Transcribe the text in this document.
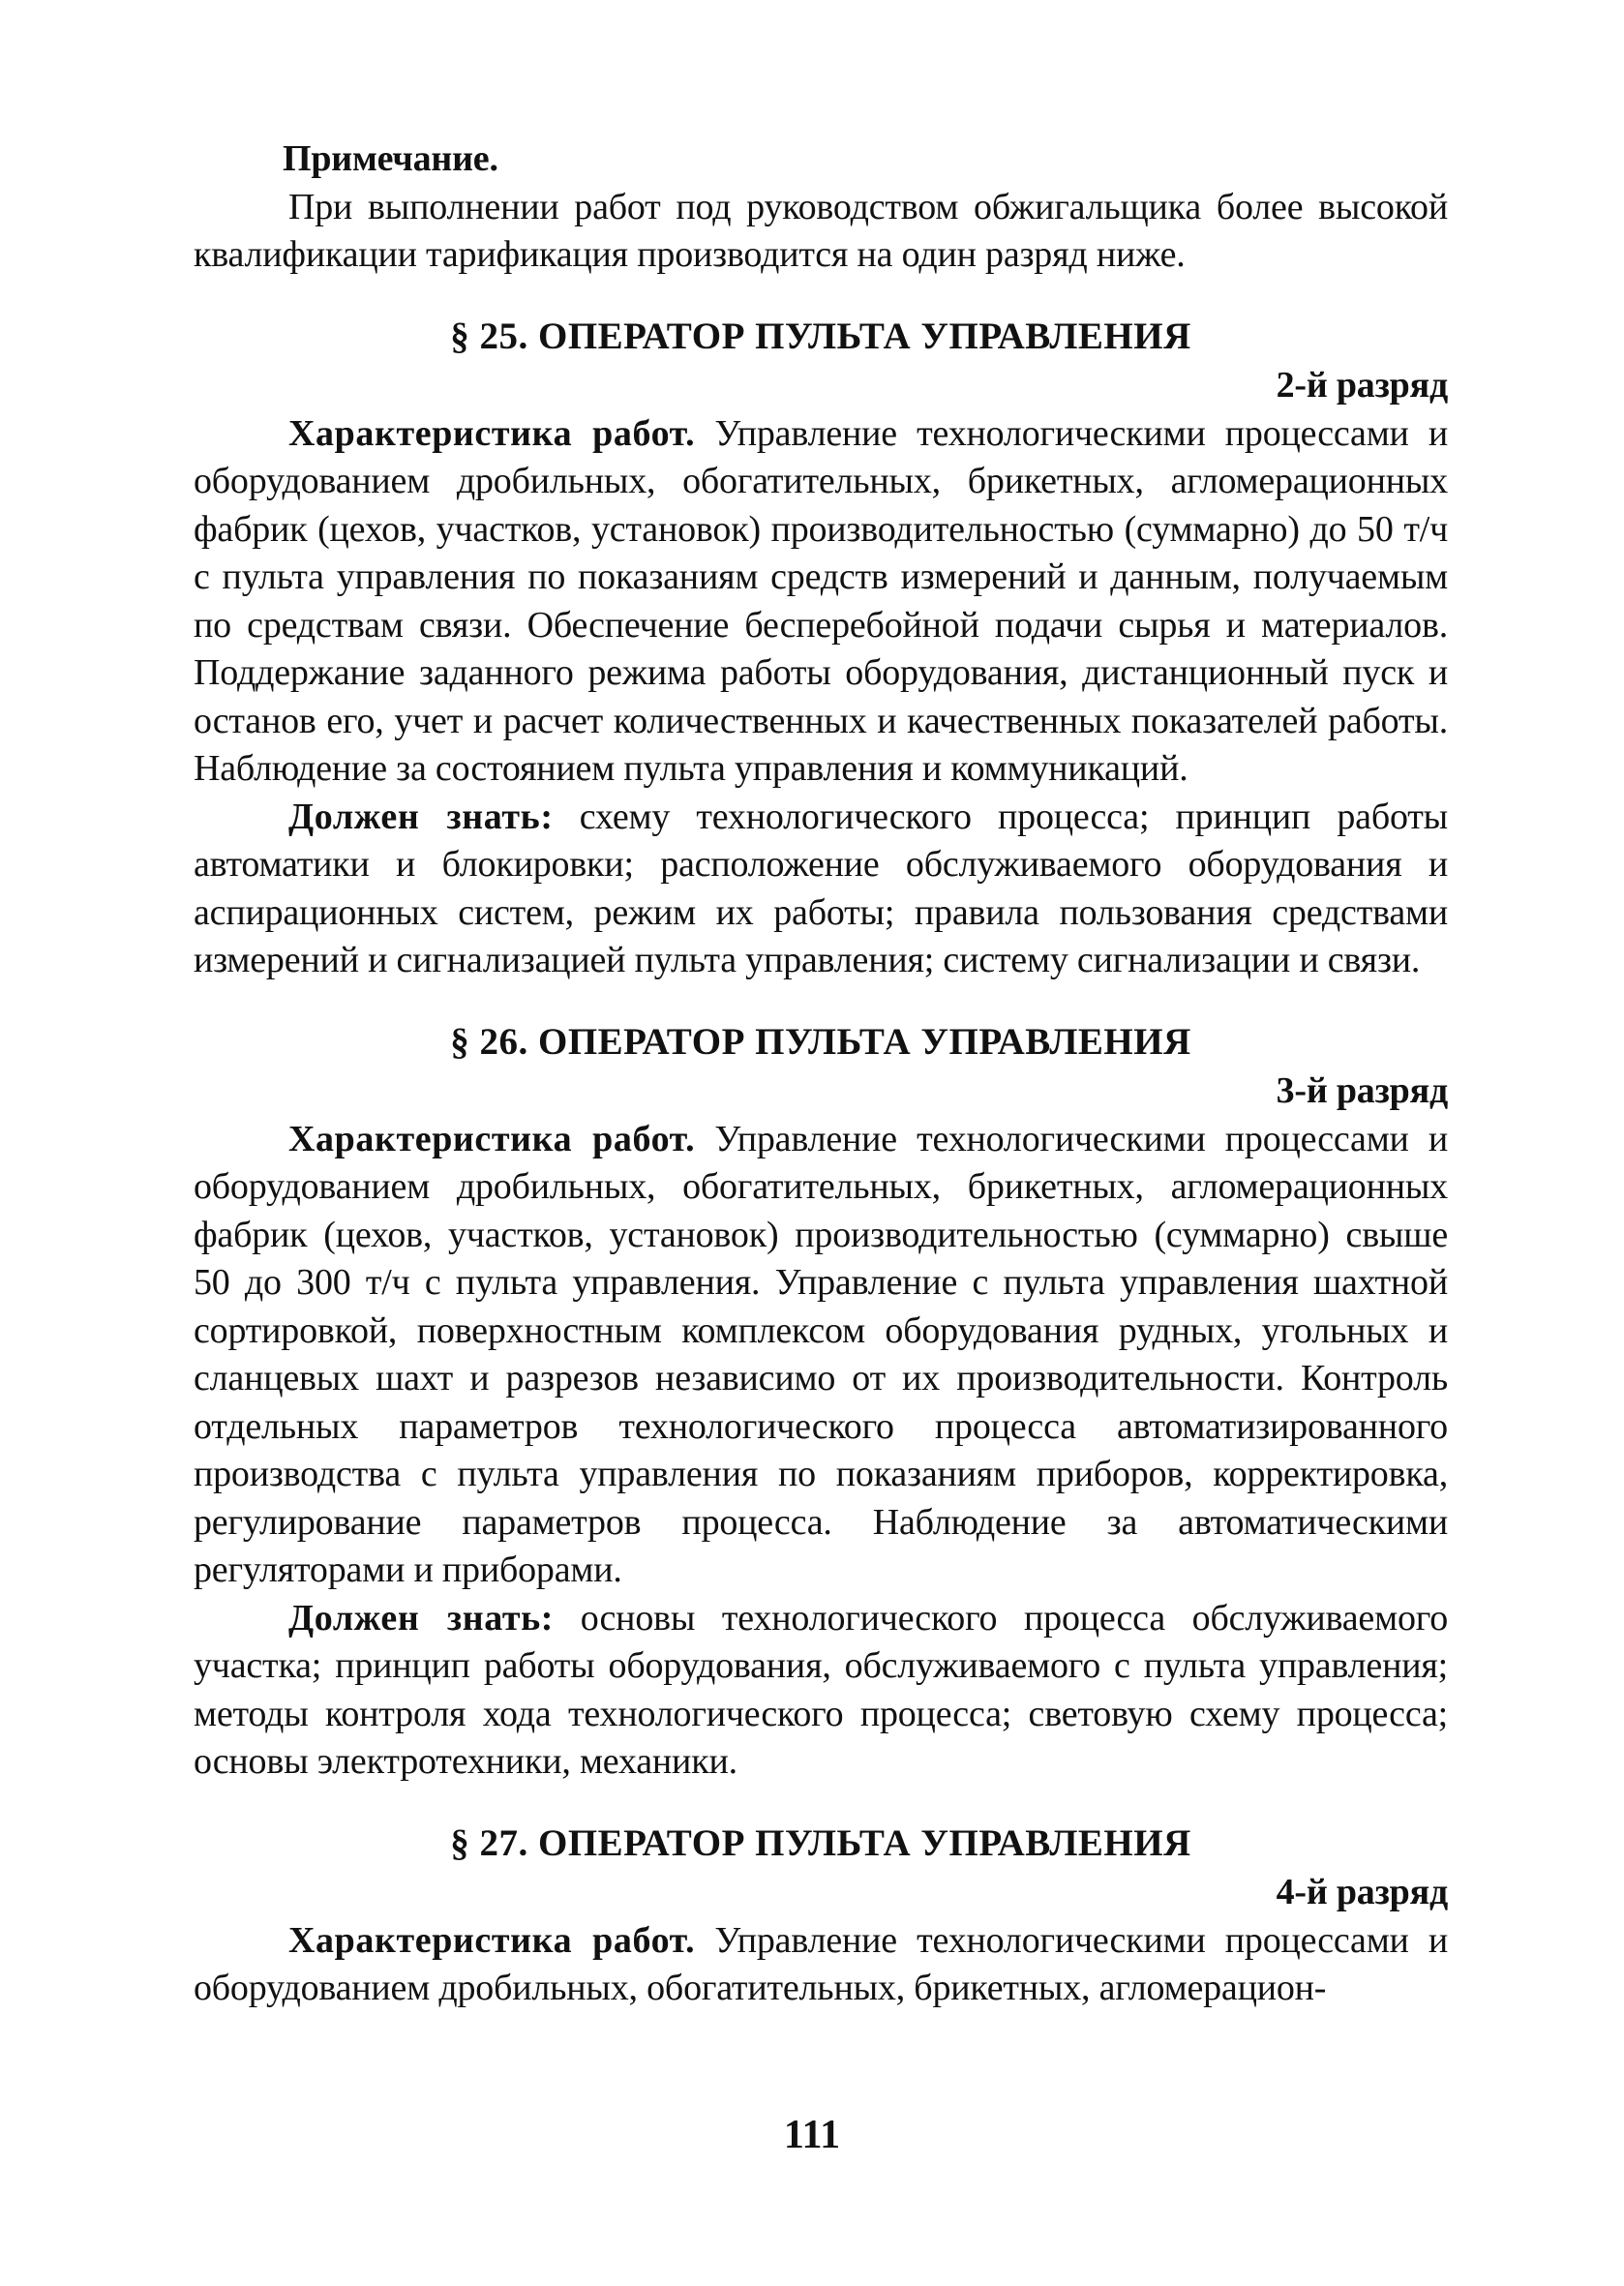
Примечание.

При выполнении работ под руководством обжигальщика более высокой квалификации тарификация производится на один разряд ниже.

§ 25. ОПЕРАТОР ПУЛЬТА УПРАВЛЕНИЯ
2-й разряд

Характеристика работ. Управление технологическими процессами и оборудованием дробильных, обогатительных, брикетных, агломерационных фабрик (цехов, участков, установок) производительностью (суммарно) до 50 т/ч с пульта управления по показаниям средств измерений и данным, получаемым по средствам связи. Обеспечение бесперебойной подачи сырья и материалов. Поддержание заданного режима работы оборудования, дистанционный пуск и останов его, учет и расчет количественных и качественных показателей работы. Наблюдение за состоянием пульта управления и коммуникаций.

Должен знать: схему технологического процесса; принцип работы автоматики и блокировки; расположение обслуживаемого оборудования и аспирационных систем, режим их работы; правила пользования средствами измерений и сигнализацией пульта управления; систему сигнализации и связи.

§ 26. ОПЕРАТОР ПУЛЬТА УПРАВЛЕНИЯ
3-й разряд

Характеристика работ. Управление технологическими процессами и оборудованием дробильных, обогатительных, брикетных, агломерационных фабрик (цехов, участков, установок) производительностью (суммарно) свыше 50 до 300 т/ч с пульта управления. Управление с пульта управления шахтной сортировкой, поверхностным комплексом оборудования рудных, угольных и сланцевых шахт и разрезов независимо от их производительности. Контроль отдельных параметров технологического процесса автоматизированного производства с пульта управления по показаниям приборов, корректировка, регулирование параметров процесса. Наблюдение за автоматическими регуляторами и приборами.

Должен знать: основы технологического процесса обслуживаемого участка; принцип работы оборудования, обслуживаемого с пульта управления; методы контроля хода технологического процесса; световую схему процесса; основы электротехники, механики.

§ 27. ОПЕРАТОР ПУЛЬТА УПРАВЛЕНИЯ
4-й разряд

Характеристика работ. Управление технологическими процессами и оборудованием дробильных, обогатительных, брикетных, агломерацион-

111
